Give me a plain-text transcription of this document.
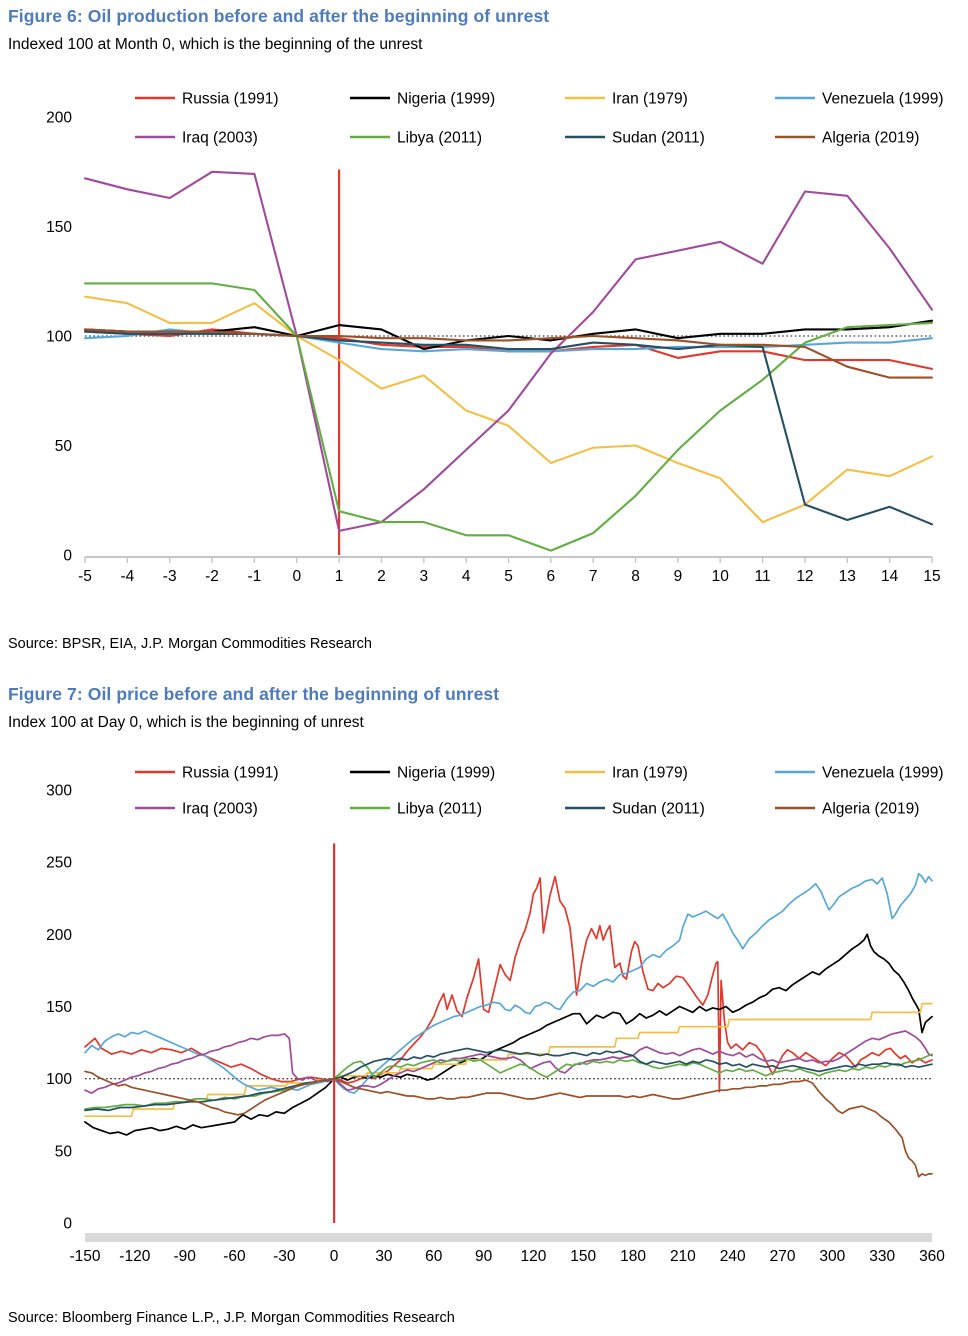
Figure 6: Oil production before and after the beginning of unrest

Indexed 100 at Month 0, which is the beginning of the unrest

0
50
100
150
200
-5 -4 -3 -2 -1 0 1 2 3 4 5 6 7 8 9 10 11 12 13 14 15
Russia (1991)	Nigeria (1999)	Iran (1979)	Venezuela (1999)
Iraq (2003)	Libya (2011)	Sudan (2011)	Algeria (2019)

Source: BPSR, EIA, J.P. Morgan Commodities Research

Figure 7: Oil price before and after the beginning of unrest

Index 100 at Day 0, which is the beginning of unrest

0
50
100
150
200
250
300
-150 -120 -90 -60 -30 0 30 60 90 120 150 180 210 240 270 300 330 360
Russia (1991)	Nigeria (1999)	Iran (1979)	Venezuela (1999)
Iraq (2003)	Libya (2011)	Sudan (2011)	Algeria (2019)

Source: Bloomberg Finance L.P., J.P. Morgan Commodities Research
